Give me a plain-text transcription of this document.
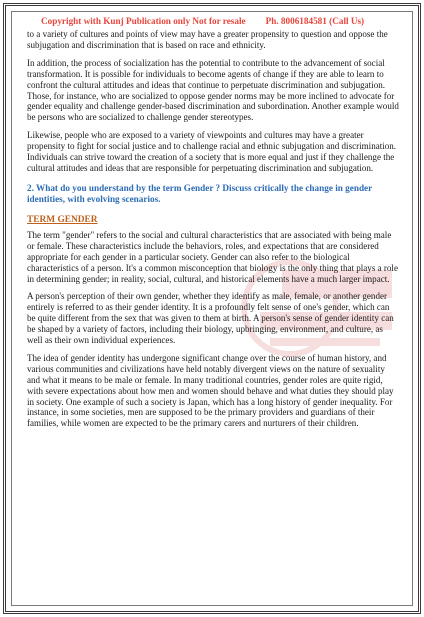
Copyright with Kunj Publication only Not for resale Ph. 8006184581 (Call Us)

to a variety of cultures and points of view may have a greater propensity to question and oppose the subjugation and discrimination that is based on race and ethnicity.

In addition, the process of socialization has the potential to contribute to the advancement of social transformation. It is possible for individuals to become agents of change if they are able to learn to confront the cultural attitudes and ideas that continue to perpetuate discrimination and subjugation. Those, for instance, who are socialized to oppose gender norms may be more inclined to advocate for gender equality and challenge gender-based discrimination and subordination. Another example would be persons who are socialized to challenge gender stereotypes.

Likewise, people who are exposed to a variety of viewpoints and cultures may have a greater propensity to fight for social justice and to challenge racial and ethnic subjugation and discrimination. Individuals can strive toward the creation of a society that is more equal and just if they challenge the cultural attitudes and ideas that are responsible for perpetuating discrimination and subjugation.

2. What do you understand by the term Gender ? Discuss critically the change in gender identities, with evolving scenarios.
TERM GENDER

The term "gender" refers to the social and cultural characteristics that are associated with being male or female. These characteristics include the behaviors, roles, and expectations that are considered appropriate for each gender in a particular society. Gender can also refer to the biological characteristics of a person. It's a common misconception that biology is the only thing that plays a role in determining gender; in reality, social, cultural, and historical elements have a much larger impact.

A person's perception of their own gender, whether they identify as male, female, or another gender entirely is referred to as their gender identity. It is a profoundly felt sense of one's gender, which can be quite different from the sex that was given to them at birth. A person's sense of gender identity can be shaped by a variety of factors, including their biology, upbringing, environment, and culture, as well as their own individual experiences.

The idea of gender identity has undergone significant change over the course of human history, and various communities and civilizations have held notably divergent views on the nature of sexuality and what it means to be male or female. In many traditional countries, gender roles are quite rigid, with severe expectations about how men and women should behave and what duties they should play in society. One example of such a society is Japan, which has a long history of gender inequality. For instance, in some societies, men are supposed to be the primary providers and guardians of their families, while women are expected to be the primary carers and nurturers of their children.
